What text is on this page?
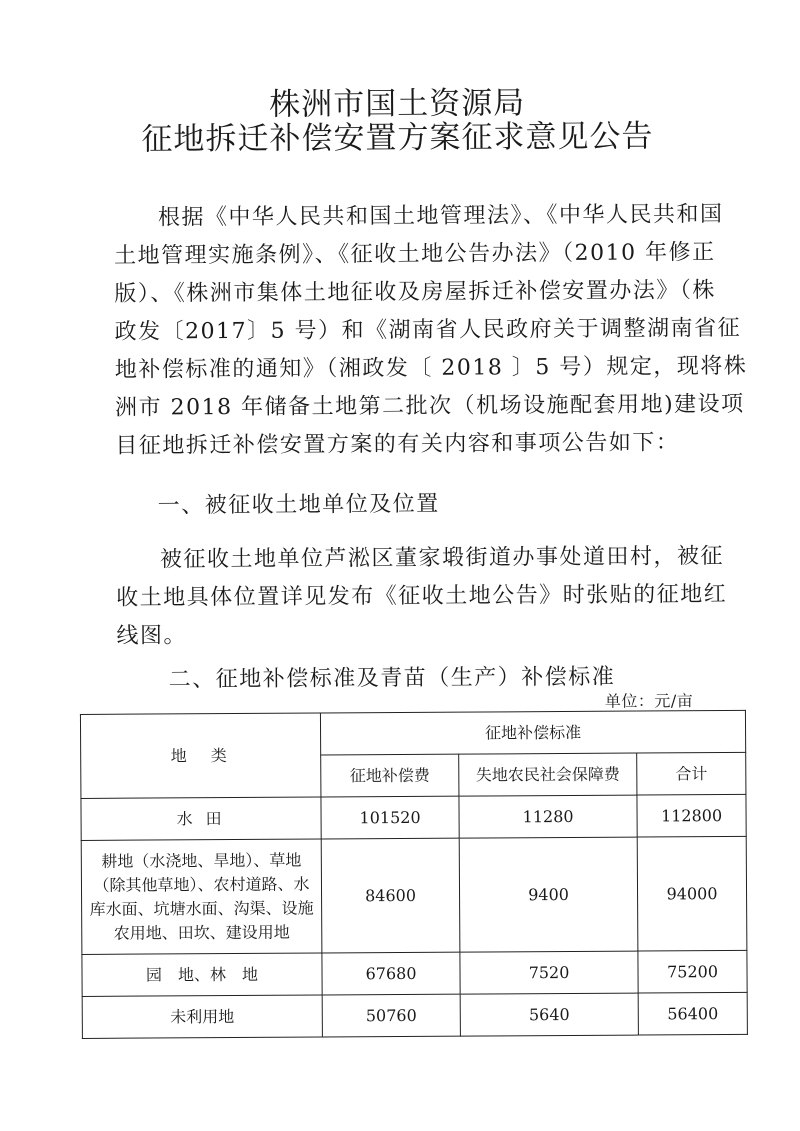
株洲市国土资源局
征地拆迁补偿安置方案征求意见公告
根据《中华人民共和国土地管理法》、《中华人民共和国
土地管理实施条例》、《征收土地公告办法》（2010 年修正
版）、《株洲市集体土地征收及房屋拆迁补偿安置办法》（株
政发〔2017〕5 号）和《湖南省人民政府关于调整湖南省征
地补偿标准的通知》（湘政发〔 2018 〕5 号）规定，现将株
洲市 2018 年储备土地第二批次（机场设施配套用地)建设项
目征地拆迁补偿安置方案的有关内容和事项公告如下：
一、被征收土地单位及位置
被征收土地单位芦淞区董家塅街道办事处道田村，被征
收土地具体位置详见发布《征收土地公告》时张贴的征地红
线图。
二、征地补偿标准及青苗（生产）补偿标准
单位：元/亩
地　类	征地补偿标准		
	征地补偿费	失地农民社会保障费	合计
水 田	101520	11280	112800
耕地（水浇地、旱地）、草地（除其他草地）、农村道路、水库水面、坑塘水面、沟渠、设施农用地、田坎、建设用地	84600	9400	94000
园　地、林　地	67680	7520	75200
未利用地	50760	5640	56400
